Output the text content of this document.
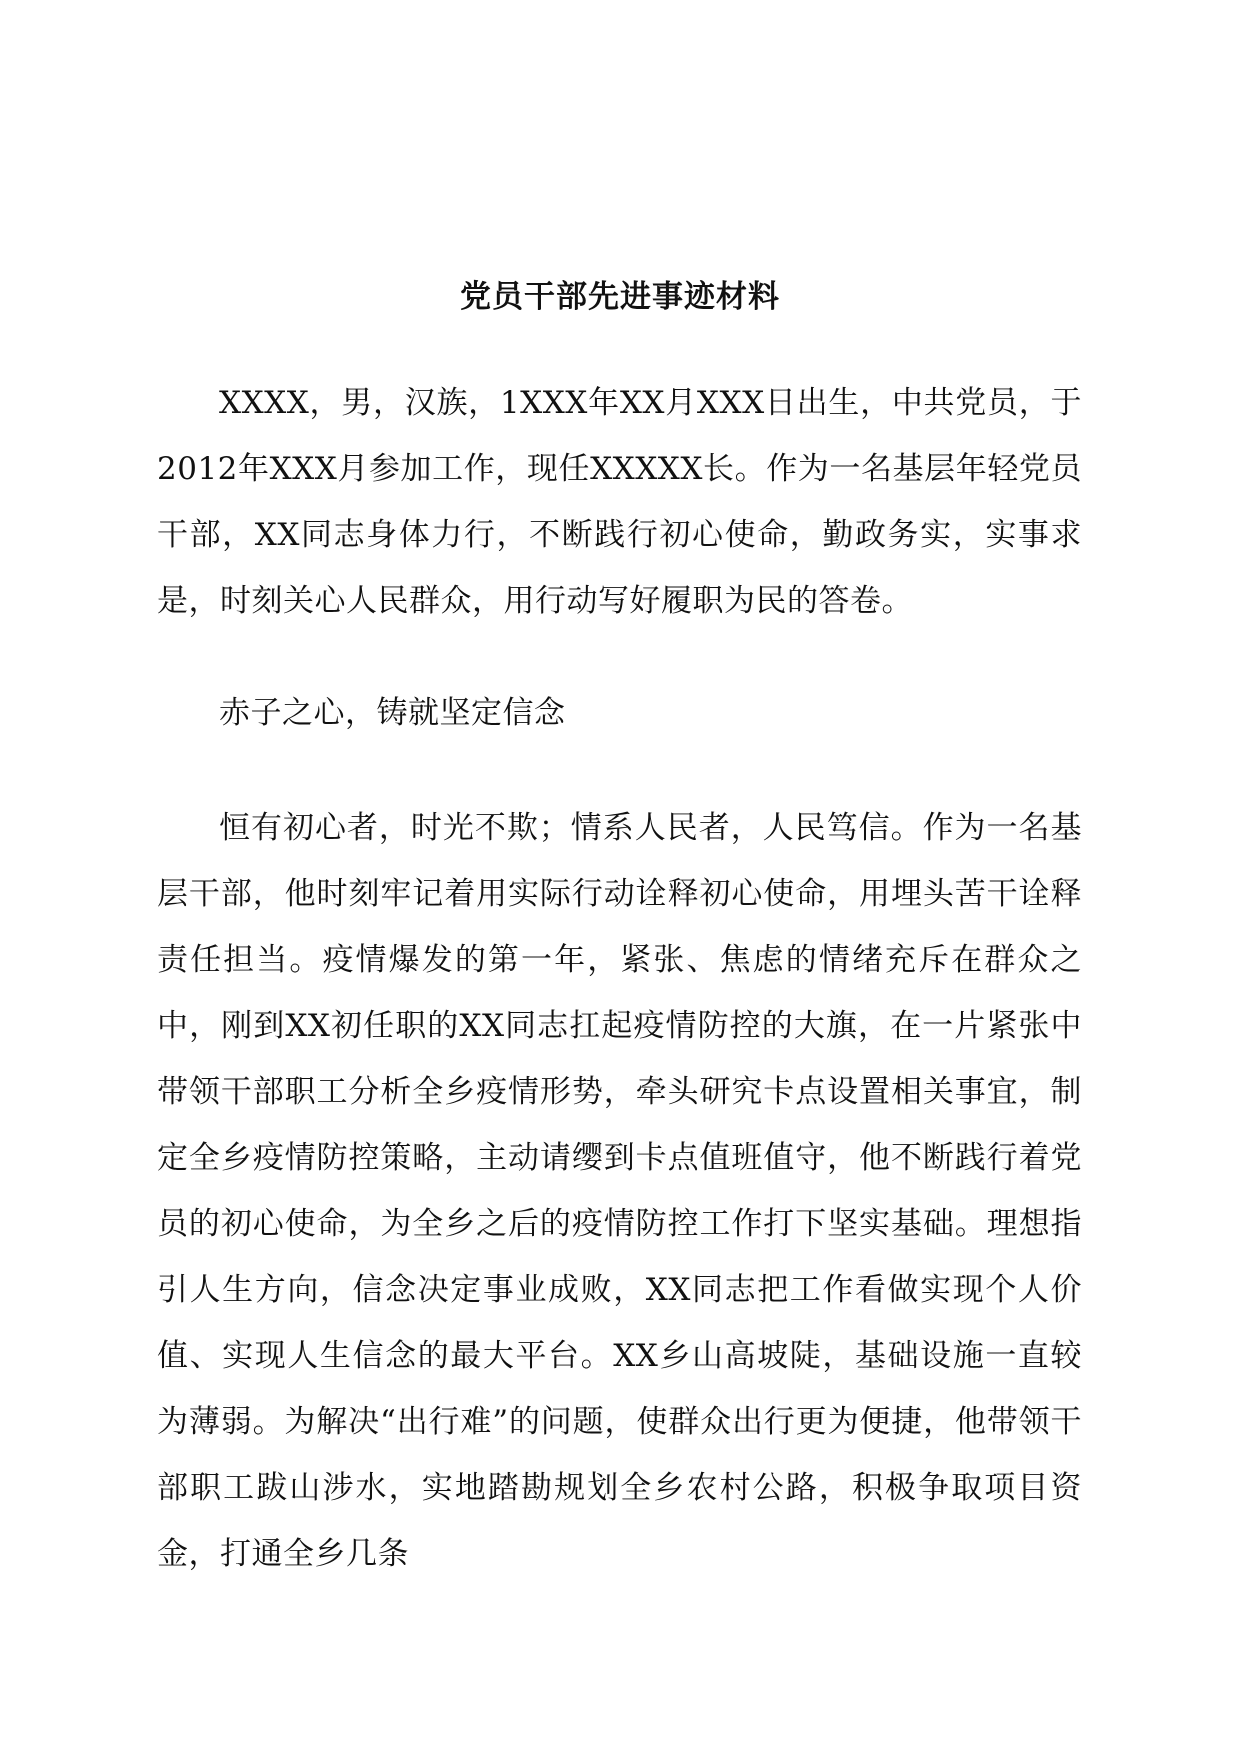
党员干部先进事迹材料

XXXX，男，汉族，1XXX年XX月XXX日出生，中共党员，于2012年XXX月参加工作，现任XXXXX长。作为一名基层年轻党员干部，XX同志身体力行，不断践行初心使命，勤政务实，实事求是，时刻关心人民群众，用行动写好履职为民的答卷。

赤子之心，铸就坚定信念

恒有初心者，时光不欺；情系人民者，人民笃信。作为一名基层干部，他时刻牢记着用实际行动诠释初心使命，用埋头苦干诠释责任担当。疫情爆发的第一年，紧张、焦虑的情绪充斥在群众之中，刚到XX初任职的XX同志扛起疫情防控的大旗，在一片紧张中带领干部职工分析全乡疫情形势，牵头研究卡点设置相关事宜，制定全乡疫情防控策略，主动请缨到卡点值班值守，他不断践行着党员的初心使命，为全乡之后的疫情防控工作打下坚实基础。理想指引人生方向，信念决定事业成败，XX同志把工作看做实现个人价值、实现人生信念的最大平台。XX乡山高坡陡，基础设施一直较为薄弱。为解决“出行难”的问题，使群众出行更为便捷，他带领干部职工跋山涉水，实地踏勘规划全乡农村公路，积极争取项目资金，打通全乡几条
